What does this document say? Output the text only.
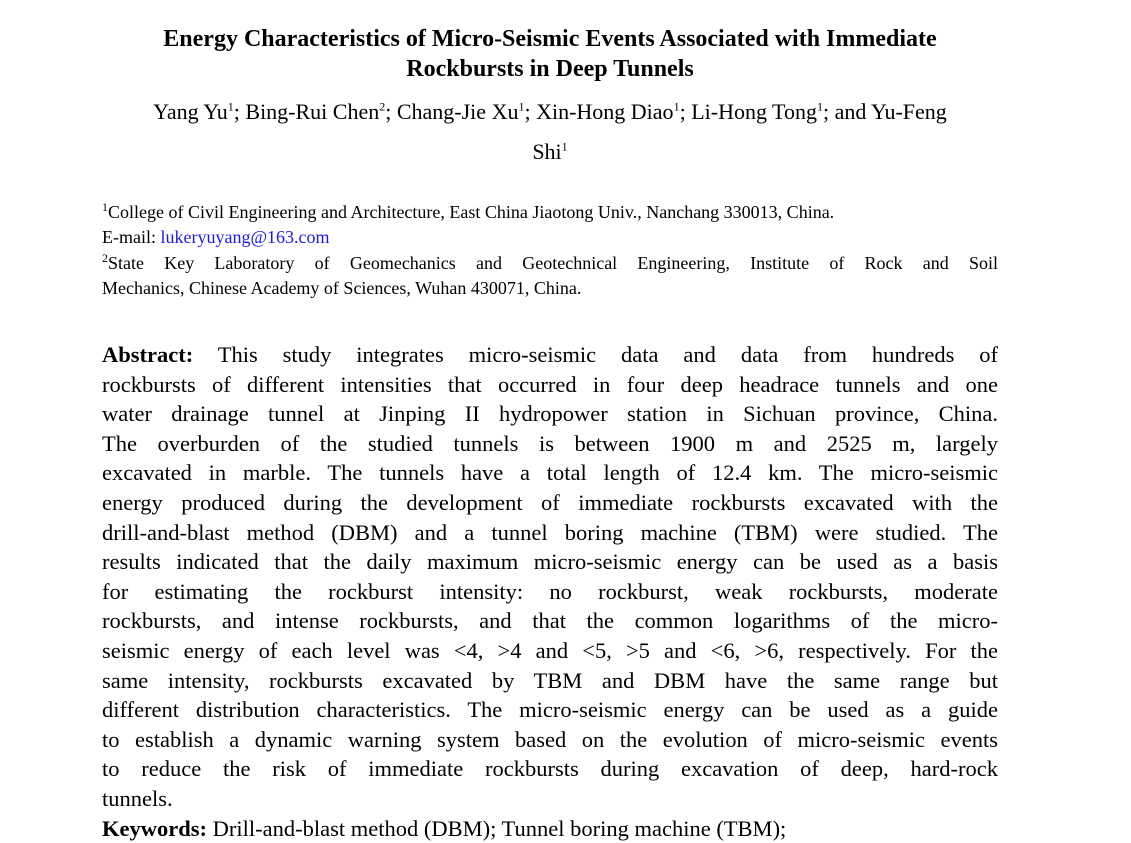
Energy Characteristics of Micro-Seismic Events Associated with Immediate
Rockbursts in Deep Tunnels
Yang Yu$^1$; Bing-Rui Chen$^2$; Chang-Jie Xu$^1$; Xin-Hong Diao$^1$; Li-Hong Tong$^1$; and Yu-Feng
Shi$^1$
$^1$College of Civil Engineering and Architecture, East China Jiaotong Univ., Nanchang 330013, China.
E-mail: lukeryuyang@163.com
$^2$State Key Laboratory of Geomechanics and Geotechnical Engineering, Institute of Rock and Soil
Mechanics, Chinese Academy of Sciences, Wuhan 430071, China.
Abstract: This study integrates micro-seismic data and data from hundreds of
rockbursts of different intensities that occurred in four deep headrace tunnels and one
water drainage tunnel at Jinping II hydropower station in Sichuan province, China.
The overburden of the studied tunnels is between 1900 m and 2525 m, largely
excavated in marble. The tunnels have a total length of 12.4 km. The micro-seismic
energy produced during the development of immediate rockbursts excavated with the
drill-and-blast method (DBM) and a tunnel boring machine (TBM) were studied. The
results indicated that the daily maximum micro-seismic energy can be used as a basis
for estimating the rockburst intensity: no rockburst, weak rockbursts, moderate
rockbursts, and intense rockbursts, and that the common logarithms of the micro-
seismic energy of each level was <4, >4 and <5, >5 and <6, >6, respectively. For the
same intensity, rockbursts excavated by TBM and DBM have the same range but
different distribution characteristics. The micro-seismic energy can be used as a guide
to establish a dynamic warning system based on the evolution of micro-seismic events
to reduce the risk of immediate rockbursts during excavation of deep, hard-rock
tunnels.
Keywords: Drill-and-blast method (DBM); Tunnel boring machine (TBM);
